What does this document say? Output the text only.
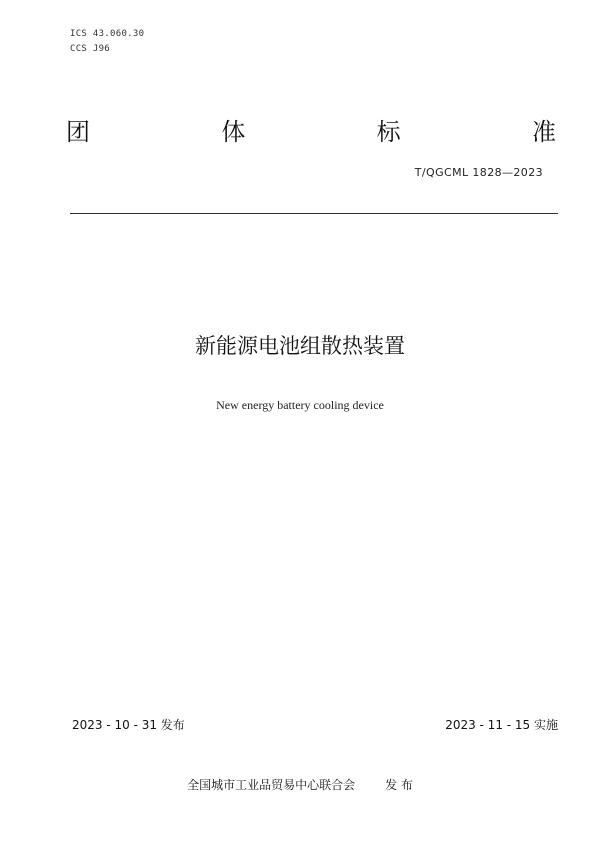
ICS 43.060.30
CCS J96
团	体	标	准
T/QGCML 1828—2023
新能源电池组散热装置
New energy battery cooling device
2023 - 10 - 31 发布	2023 - 11 - 15 实施
全国城市工业品贸易中心联合会	发 布
